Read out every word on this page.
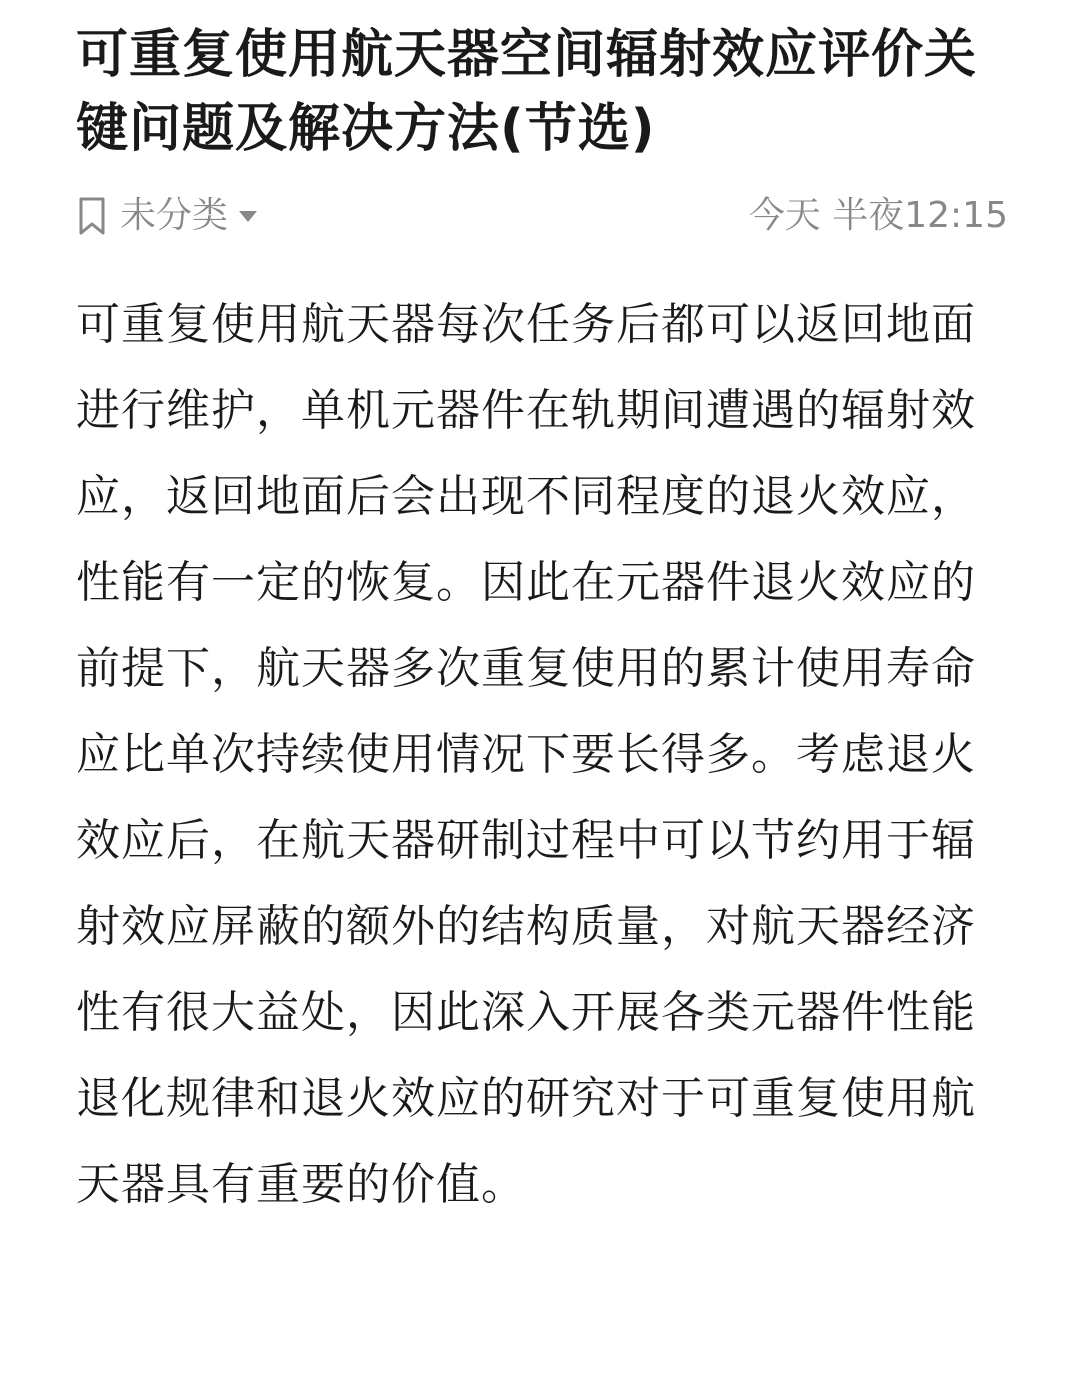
可重复使用航天器空间辐射效应评价关键问题及解决方法(节选)
未分类	今天 半夜12:15
可重复使用航天器每次任务后都可以返回地面进行维护，单机元器件在轨期间遭遇的辐射效应，返回地面后会出现不同程度的退火效应，性能有一定的恢复。因此在元器件退火效应的前提下，航天器多次重复使用的累计使用寿命应比单次持续使用情况下要长得多。考虑退火效应后，在航天器研制过程中可以节约用于辐射效应屏蔽的额外的结构质量，对航天器经济性有很大益处，因此深入开展各类元器件性能退化规律和退火效应的研究对于可重复使用航天器具有重要的价值。
